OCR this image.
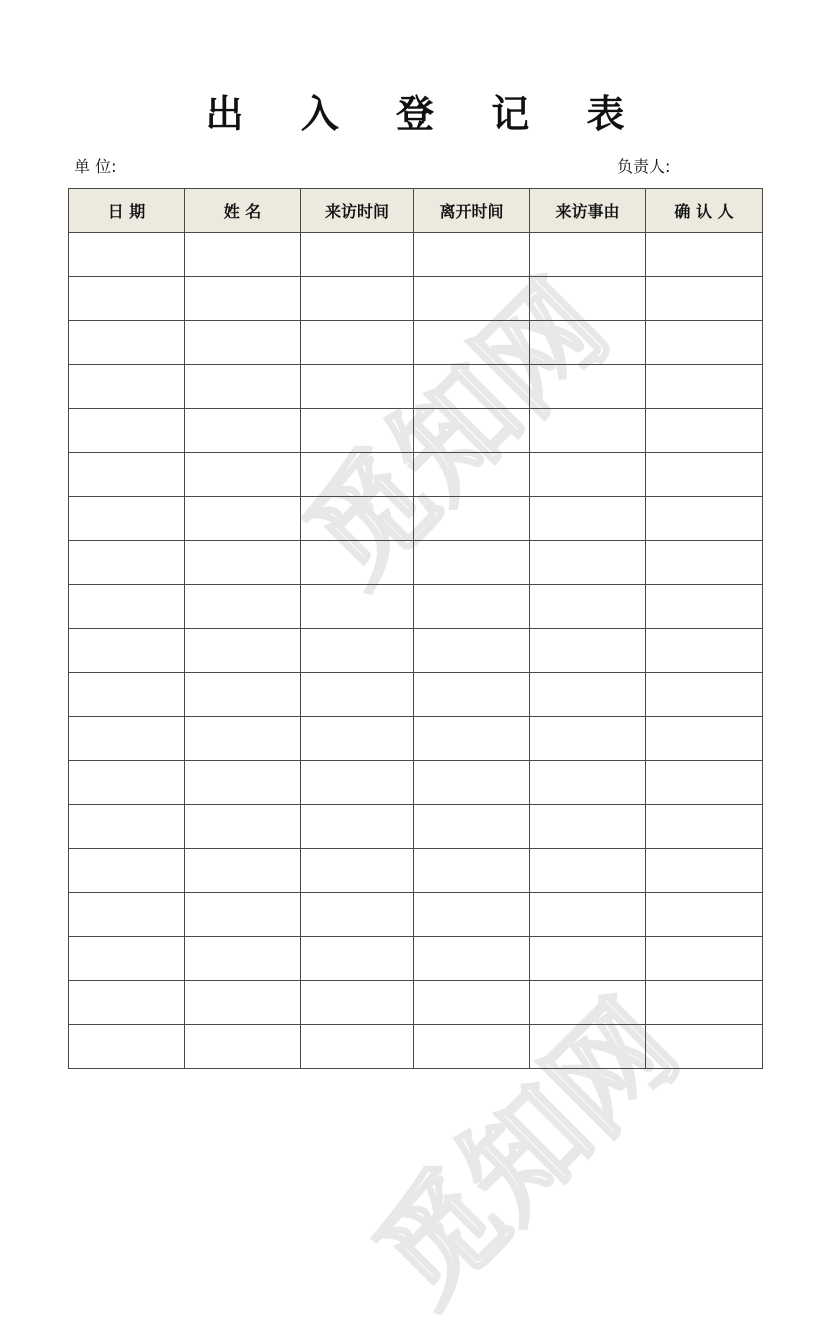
觅知网
觅知网
出 入 登 记 表
单 位:	负责人:
日 期	姓 名	来访时间	离开时间	来访事由	确 认 人
